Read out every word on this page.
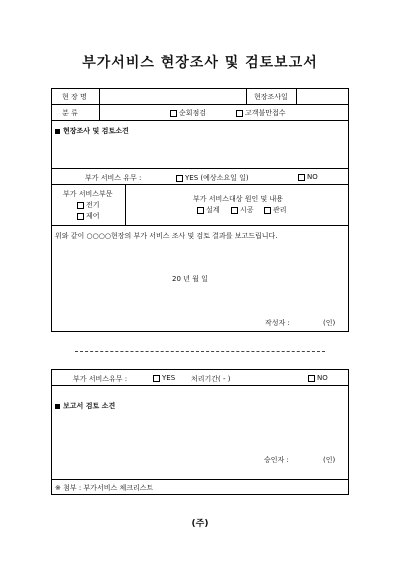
부가서비스 현장조사 및 검토보고서
현 장 명	현장조사일
분 류	순회점검	고객불만접수
현장조사 및 검토소견
부가 서비스 유무 :	YES (예상소요일 일)	NO
부가 서비스부문
전기
제어
부가 서비스대상 원인 및 내용
설계	시공	관리
위와 같이 ○○○○현장의 부가 서비스 조사 및 검토 결과를 보고드립니다.
20 년 월 일
작성자 :	(인)
부가 서비스유무 :	YES 처리기간( - )	NO
보고서 검토 소견
승인자 :	(인)
※ 첨부 : 부가서비스 체크리스트
(주)
